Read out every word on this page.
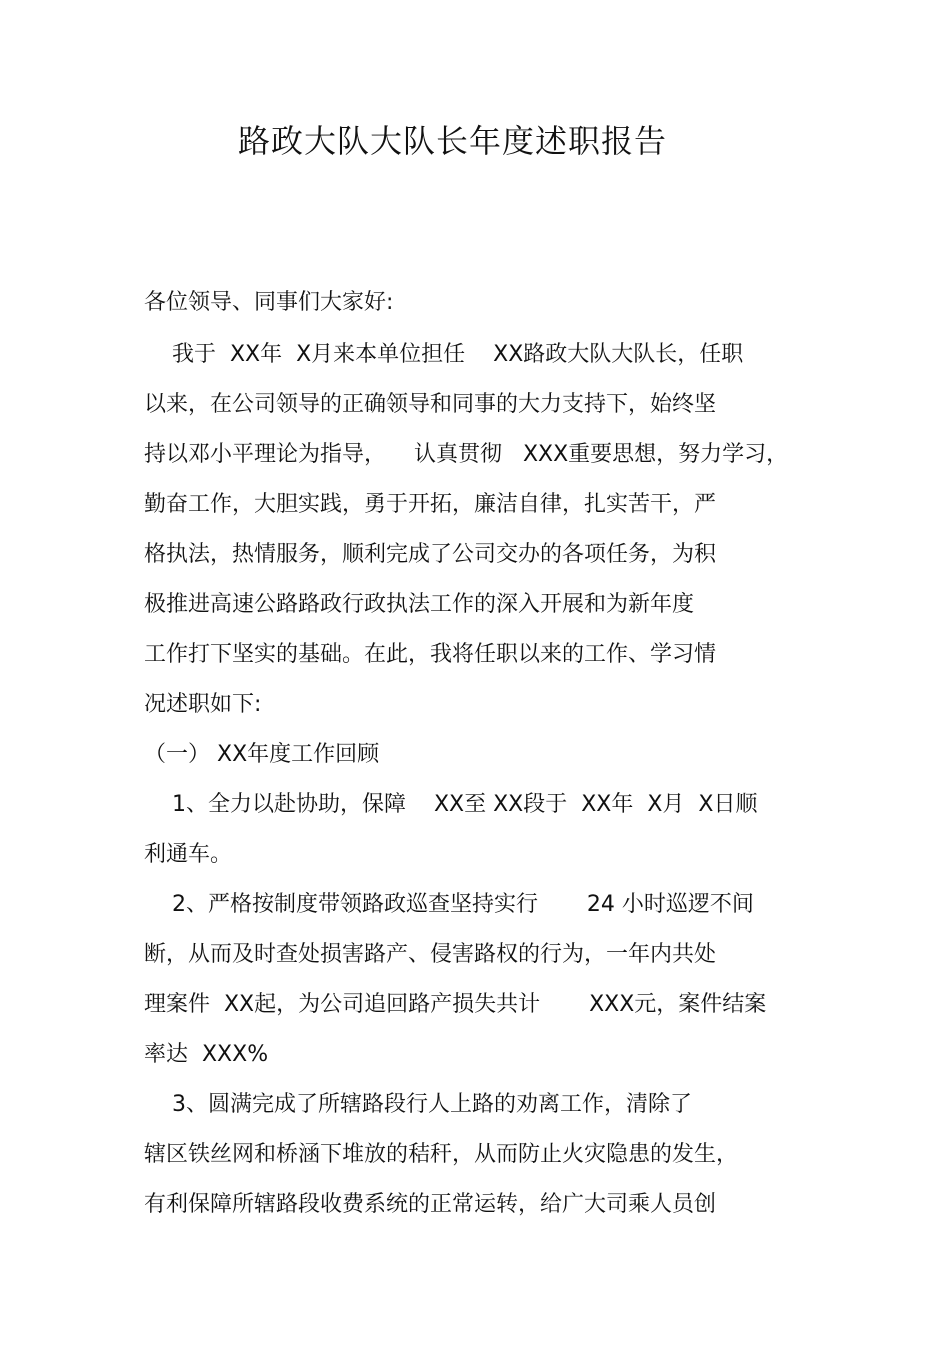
路政大队大队长年度述职报告
各位领导、同事们大家好:
我于  XX年  X月来本单位担任    XX路政大队大队长，任职
以来，在公司领导的正确领导和同事的大力支持下，始终坚
持以邓小平理论为指导，    认真贯彻   XXX重要思想，努力学习，
勤奋工作，大胆实践，勇于开拓，廉洁自律，扎实苦干，严
格执法，热情服务，顺利完成了公司交办的各项任务，为积
极推进高速公路路政行政执法工作的深入开展和为新年度
工作打下坚实的基础。在此，我将任职以来的工作、学习情
况述职如下:
（一） XX年度工作回顾
1、全力以赴协助，保障    XX至 XX段于  XX年  X月  X日顺
利通车。
2、严格按制度带领路政巡查坚持实行       24 小时巡逻不间
断，从而及时查处损害路产、侵害路权的行为，一年内共处
理案件  XX起，为公司追回路产损失共计       XXX元，案件结案
率达  XXX%
3、圆满完成了所辖路段行人上路的劝离工作，清除了
辖区铁丝网和桥涵下堆放的秸秆，从而防止火灾隐患的发生，
有利保障所辖路段收费系统的正常运转，给广大司乘人员创
